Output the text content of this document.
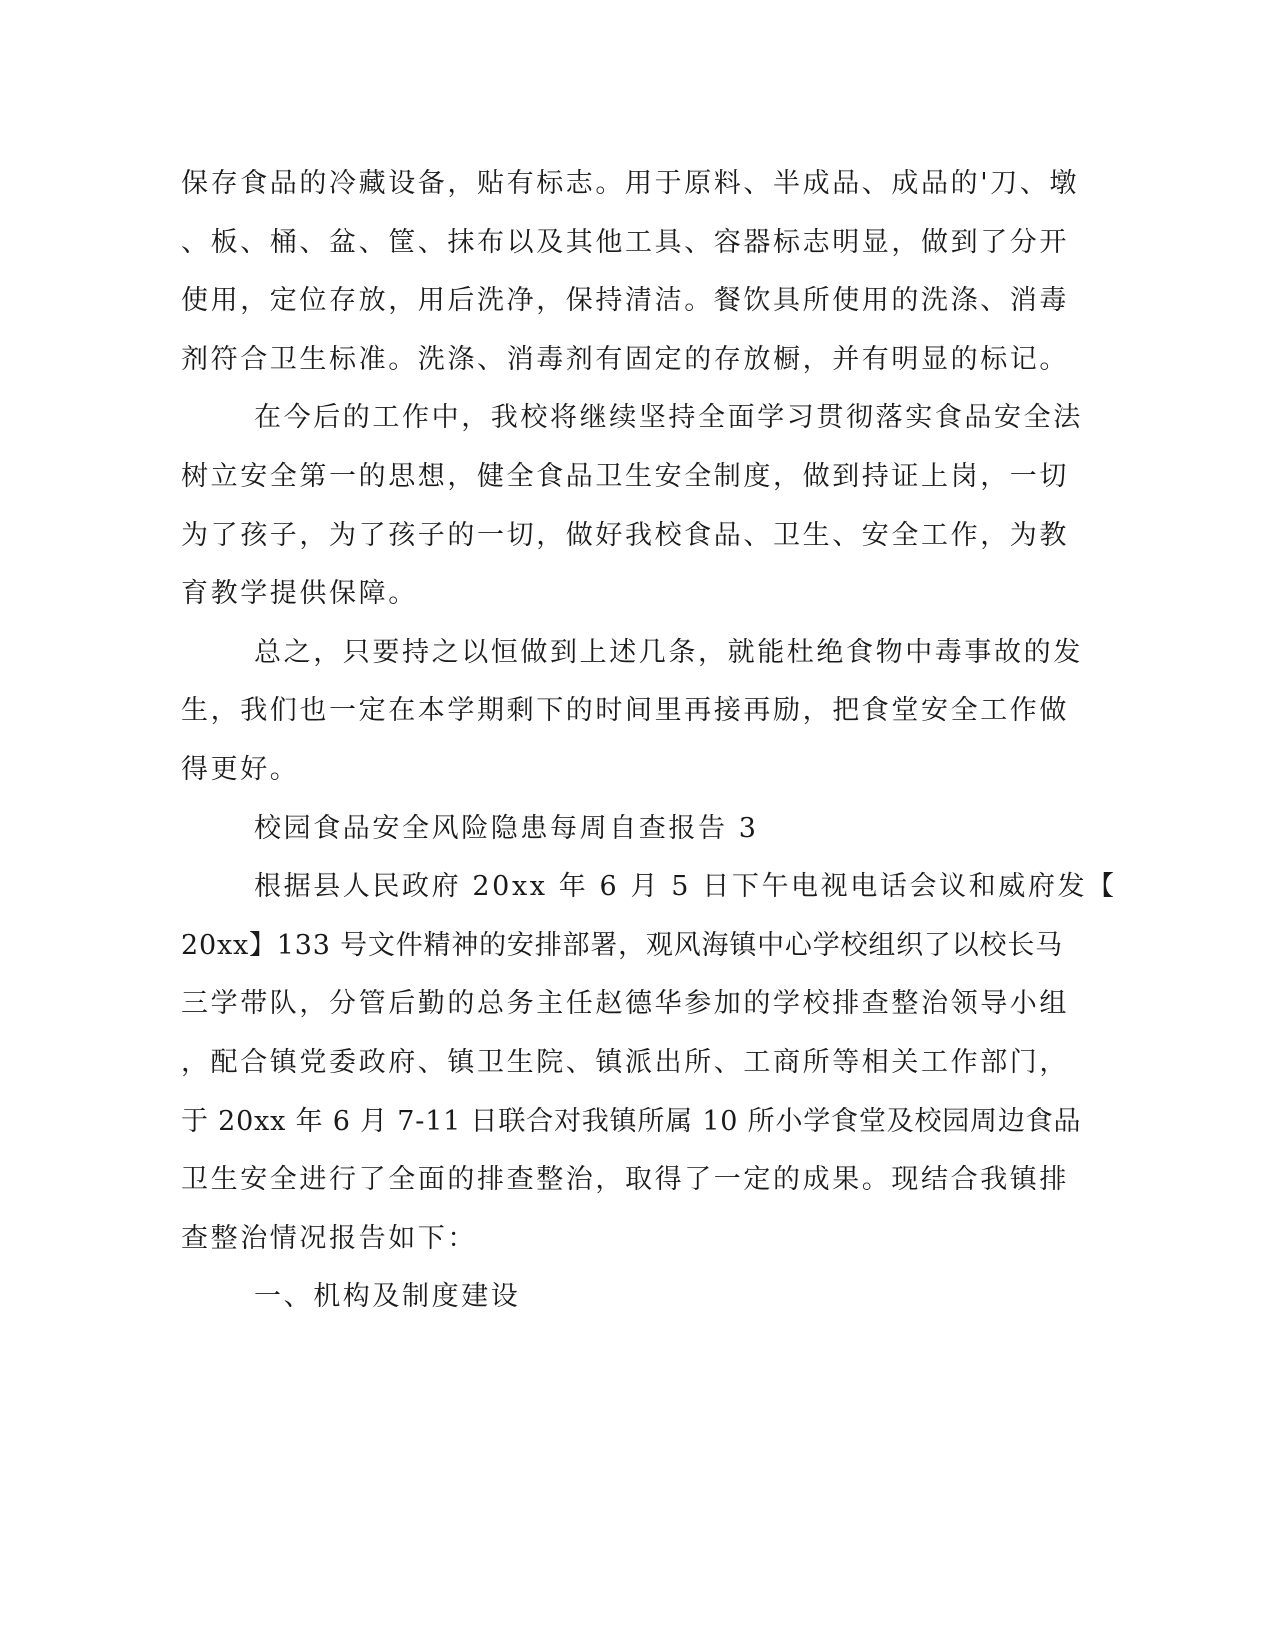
保存食品的冷藏设备，贴有标志。用于原料、半成品、成品的'刀、墩
、板、桶、盆、筐、抹布以及其他工具、容器标志明显，做到了分开
使用，定位存放，用后洗净，保持清洁。餐饮具所使用的洗涤、消毒
剂符合卫生标准。洗涤、消毒剂有固定的存放橱，并有明显的标记。
在今后的工作中，我校将继续坚持全面学习贯彻落实食品安全法
树立安全第一的思想，健全食品卫生安全制度，做到持证上岗，一切
为了孩子，为了孩子的一切，做好我校食品、卫生、安全工作，为教
育教学提供保障。
总之，只要持之以恒做到上述几条，就能杜绝食物中毒事故的发
生，我们也一定在本学期剩下的时间里再接再励，把食堂安全工作做
得更好。
校园食品安全风险隐患每周自查报告 3
根据县人民政府 20xx 年 6 月 5 日下午电视电话会议和威府发【
20xx】133 号文件精神的安排部署，观风海镇中心学校组织了以校长马
三学带队，分管后勤的总务主任赵德华参加的学校排查整治领导小组
，配合镇党委政府、镇卫生院、镇派出所、工商所等相关工作部门，
于 20xx 年 6 月 7-11 日联合对我镇所属 10 所小学食堂及校园周边食品
卫生安全进行了全面的排查整治，取得了一定的成果。现结合我镇排
查整治情况报告如下：
一、机构及制度建设
